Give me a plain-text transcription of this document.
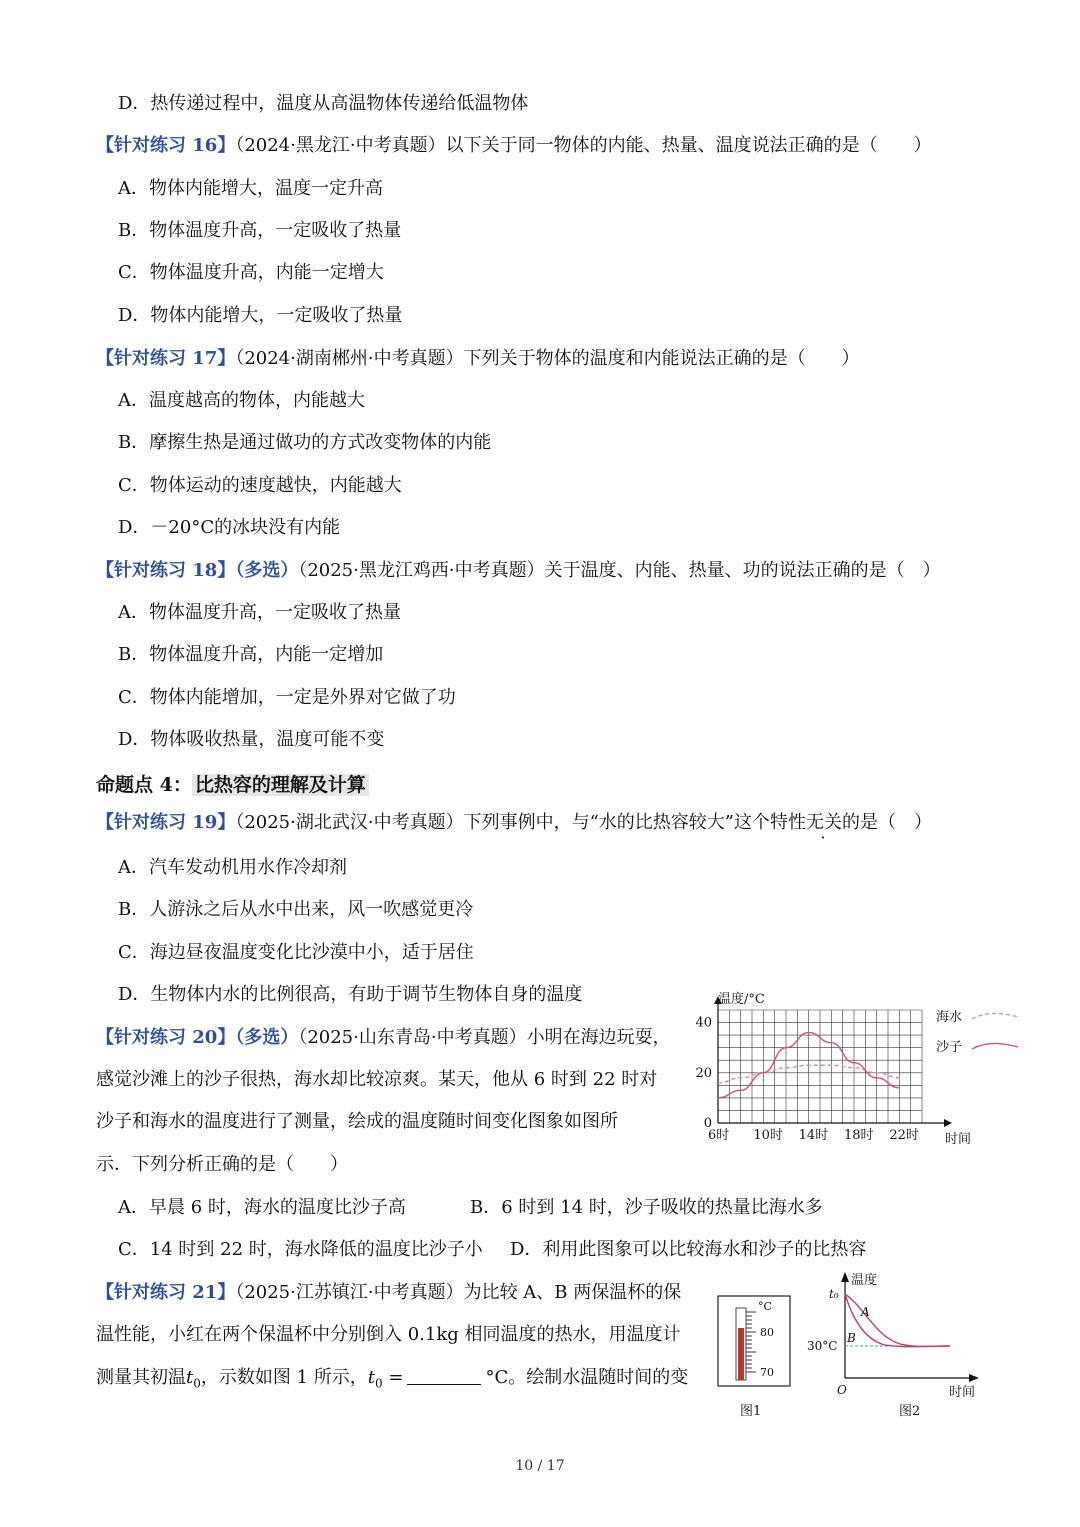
D．热传递过程中，温度从高温物体传递给低温物体
【针对练习 16】（2024·黑龙江·中考真题）以下关于同一物体的内能、热量、温度说法正确的是（　　）
A．物体内能增大，温度一定升高
B．物体温度升高，一定吸收了热量
C．物体温度升高，内能一定增大
D．物体内能增大，一定吸收了热量
【针对练习 17】（2024·湖南郴州·中考真题）下列关于物体的温度和内能说法正确的是（　　）
A．温度越高的物体，内能越大
B．摩擦生热是通过做功的方式改变物体的内能
C．物体运动的速度越快，内能越大
D．－20°C的冰块没有内能
【针对练习 18】（多选）（2025·黑龙江鸡西·中考真题）关于温度、内能、热量、功的说法正确的是（　）
A．物体温度升高，一定吸收了热量
B．物体温度升高，内能一定增加
C．物体内能增加，一定是外界对它做了功
D．物体吸收热量，温度可能不变
命题点 4： 比热容的理解及计算
【针对练习 19】（2025·湖北武汉·中考真题）下列事例中，与“水的比热容较大”这个特性无关的是（　）
A．汽车发动机用水作冷却剂
B．人游泳之后从水中出来，风一吹感觉更冷
C．海边昼夜温度变化比沙漠中小，适于居住
D．生物体内水的比例很高，有助于调节生物体自身的温度
【针对练习 20】（多选）（2025·山东青岛·中考真题）小明在海边玩耍，
感觉沙滩上的沙子很热，海水却比较凉爽。某天，他从 6 时到 22 时对
沙子和海水的温度进行了测量，绘成的温度随时间变化图象如图所
示．下列分析正确的是（　　）
A．早晨 6 时，海水的温度比沙子高	B．6 时到 14 时，沙子吸收的热量比海水多
C．14 时到 22 时，海水降低的温度比沙子小 D．利用此图象可以比较海水和沙子的比热容
温度/°C
时间
6时 10时 14时 18时 22时
0
20
40	海水
沙子
【针对练习 21】（2025·江苏镇江·中考真题）为比较 A、B 两保温杯的保
温性能，小红在两个保温杯中分别倒入 0.1kg 相同温度的热水，用温度计
测量其初温$t_0$，示数如图 1 所示，$t_0$ =	°C。绘制水温随时间的变
°C
80
70
图1
温度
t₀
A
B
30°C
O	时间
图2
10 / 17
